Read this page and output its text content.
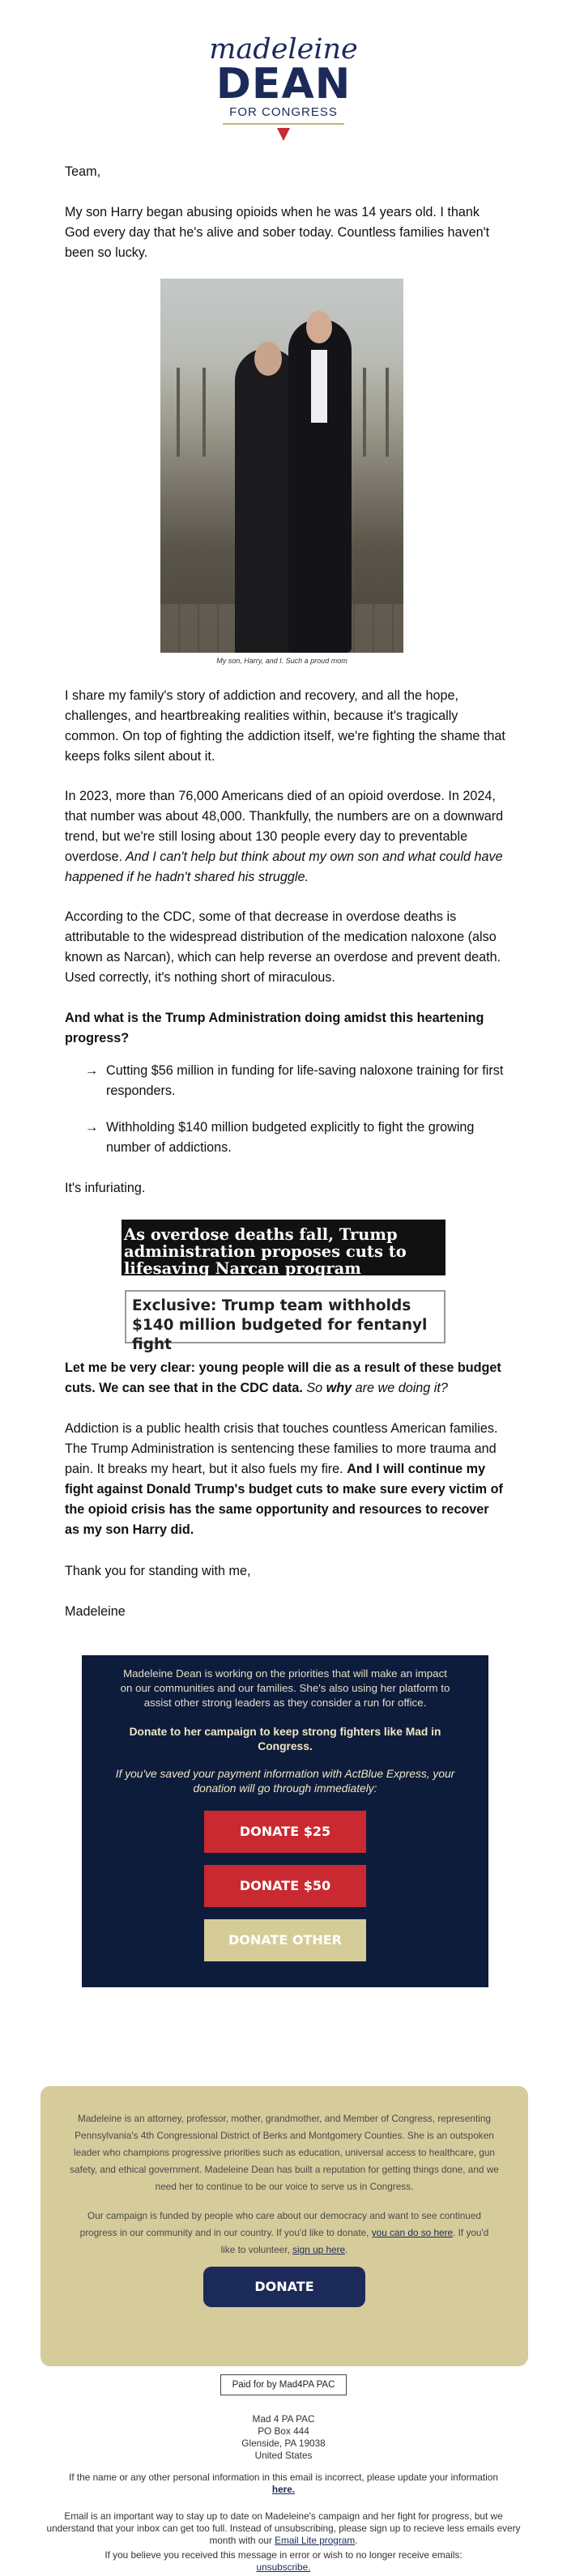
madeleine
DEAN
FOR CONGRESS

Team,

My son Harry began abusing opioids when he was 14 years old. I thank God every day that he's alive and sober today. Countless families haven't been so lucky.

My son, Harry, and I. Such a proud mom

I share my family's story of addiction and recovery, and all the hope, challenges, and heartbreaking realities within, because it's tragically common. On top of fighting the addiction itself, we're fighting the shame that keeps folks silent about it.

In 2023, more than 76,000 Americans died of an opioid overdose. In 2024, that number was about 48,000. Thankfully, the numbers are on a downward trend, but we're still losing about 130 people every day to preventable overdose. And I can't help but think about my own son and what could have happened if he hadn't shared his struggle.

According to the CDC, some of that decrease in overdose deaths is attributable to the widespread distribution of the medication naloxone (also known as Narcan), which can help reverse an overdose and prevent death. Used correctly, it's nothing short of miraculous.

And what is the Trump Administration doing amidst this heartening progress?

→ Cutting $56 million in funding for life-saving naloxone training for first responders.
→ Withholding $140 million budgeted explicitly to fight the growing number of addictions.

It's infuriating.

As overdose deaths fall, Trump administration proposes cuts to lifesaving Narcan program
Exclusive: Trump team withholds $140 million budgeted for fentanyl fight

Let me be very clear: young people will die as a result of these budget cuts. We can see that in the CDC data. So why are we doing it?

Addiction is a public health crisis that touches countless American families. The Trump Administration is sentencing these families to more trauma and pain. It breaks my heart, but it also fuels my fire. And I will continue my fight against Donald Trump's budget cuts to make sure every victim of the opioid crisis has the same opportunity and resources to recover as my son Harry did.

Thank you for standing with me,

Madeleine

Madeleine Dean is working on the priorities that will make an impact on our communities and our families. She's also using her platform to assist other strong leaders as they consider a run for office.
Donate to her campaign to keep strong fighters like Mad in Congress.
If you've saved your payment information with ActBlue Express, your donation will go through immediately:
DONATE $25
DONATE $50
DONATE OTHER
Madeleine is an attorney, professor, mother, grandmother, and Member of Congress, representing Pennsylvania's 4th Congressional District of Berks and Montgomery Counties. She is an outspoken leader who champions progressive priorities such as education, universal access to healthcare, gun safety, and ethical government. Madeleine Dean has built a reputation for getting things done, and we need her to continue to be our voice to serve us in Congress.
Our campaign is funded by people who care about our democracy and want to see continued progress in our community and in our country. If you'd like to donate, you can do so here. If you'd like to volunteer, sign up here.
DONATE
Paid for by Mad4PA PAC
Mad 4 PA PAC
PO Box 444
Glenside, PA 19038
United States
If the name or any other personal information in this email is incorrect, please update your information
here.
Email is an important way to stay up to date on Madeleine's campaign and her fight for progress, but we understand that your inbox can get too full. Instead of unsubscribing, please sign up to recieve less emails every month with our Email Lite program.
If you believe you received this message in error or wish to no longer receive emails:
unsubscribe.
